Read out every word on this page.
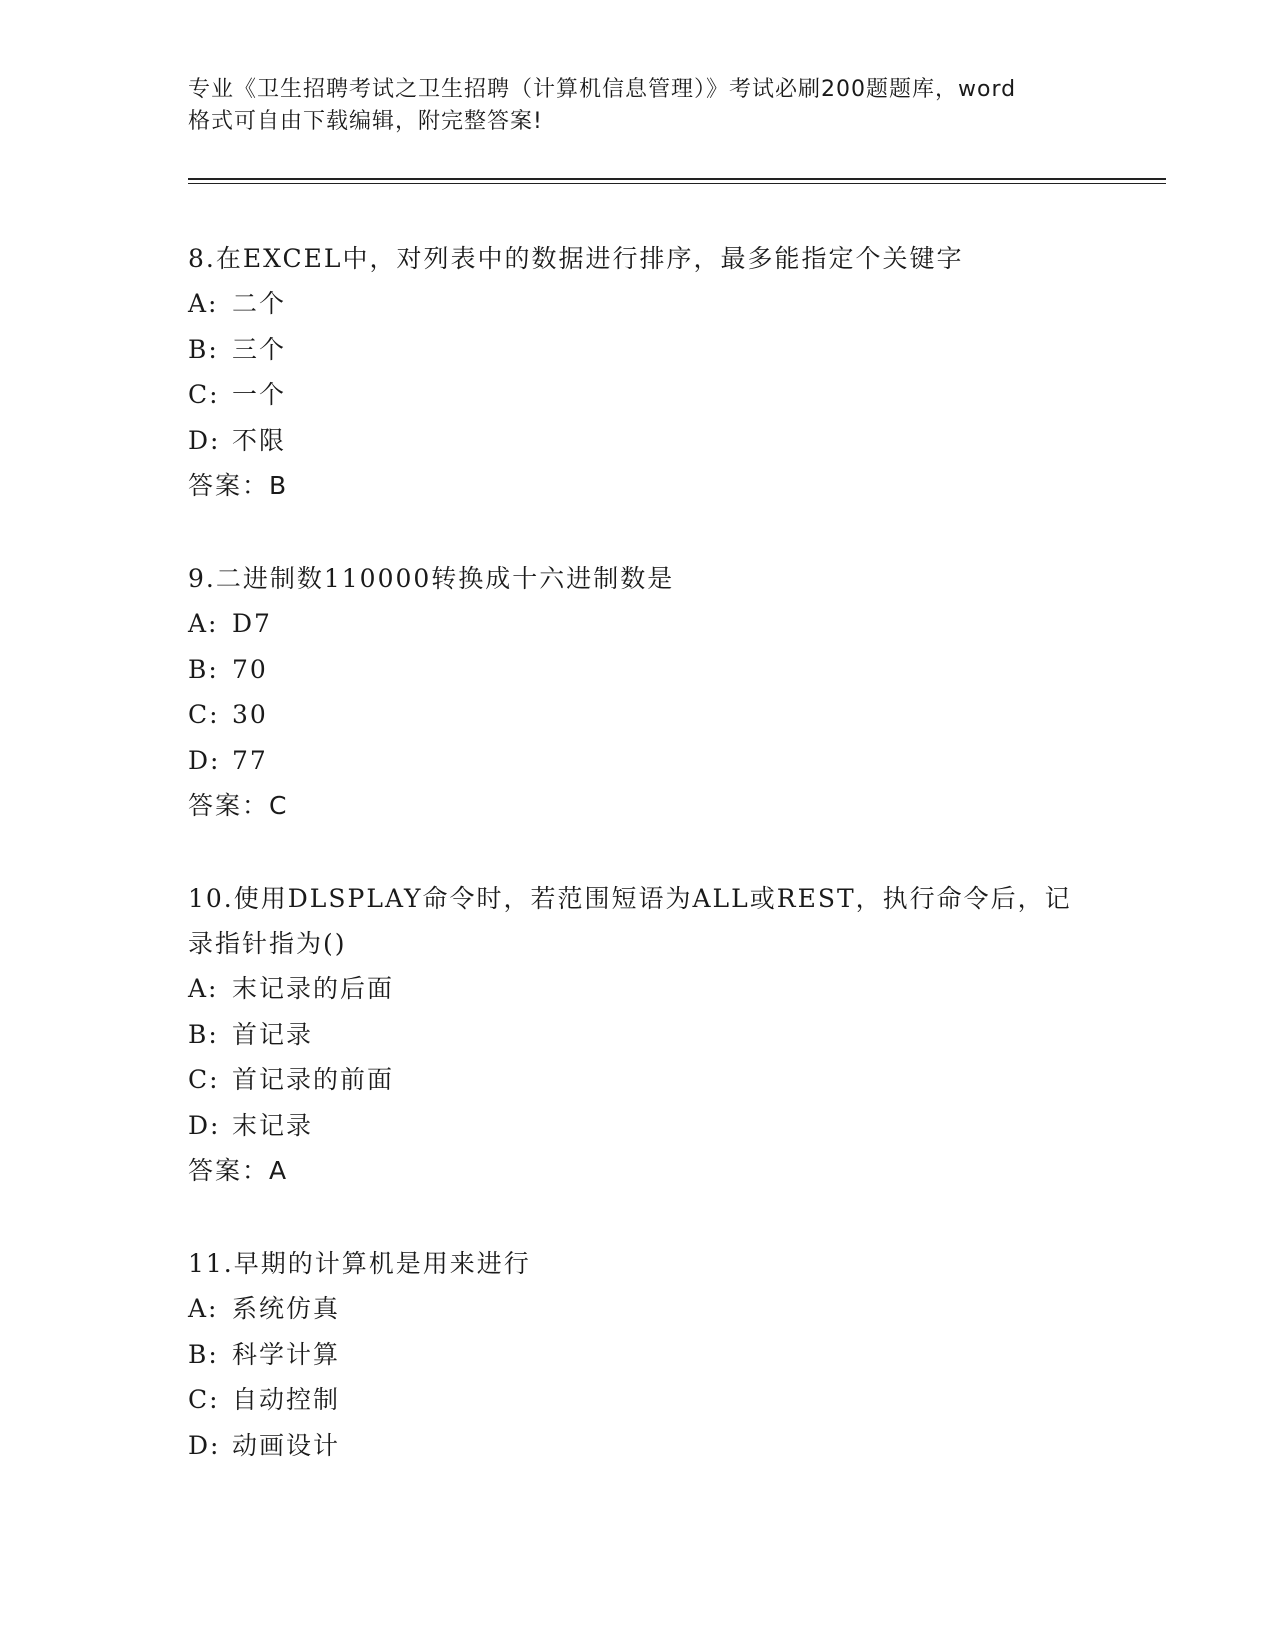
专业《卫生招聘考试之卫生招聘（计算机信息管理）》考试必刷200题题库，word
格式可自由下载编辑，附完整答案!

8.在EXCEL中，对列表中的数据进行排序，最多能指定个关键字

A: 二个

B: 三个

C: 一个

D: 不限

答案：B

9.二进制数110000转换成十六进制数是

A: D7

B: 70

C: 30

D: 77

答案：C

10.使用DLSPLAY命令时，若范围短语为ALL或REST，执行命令后，记录指针指为()

A: 末记录的后面

B: 首记录

C: 首记录的前面

D: 末记录

答案：A

11.早期的计算机是用来进行

A: 系统仿真

B: 科学计算

C: 自动控制

D: 动画设计
